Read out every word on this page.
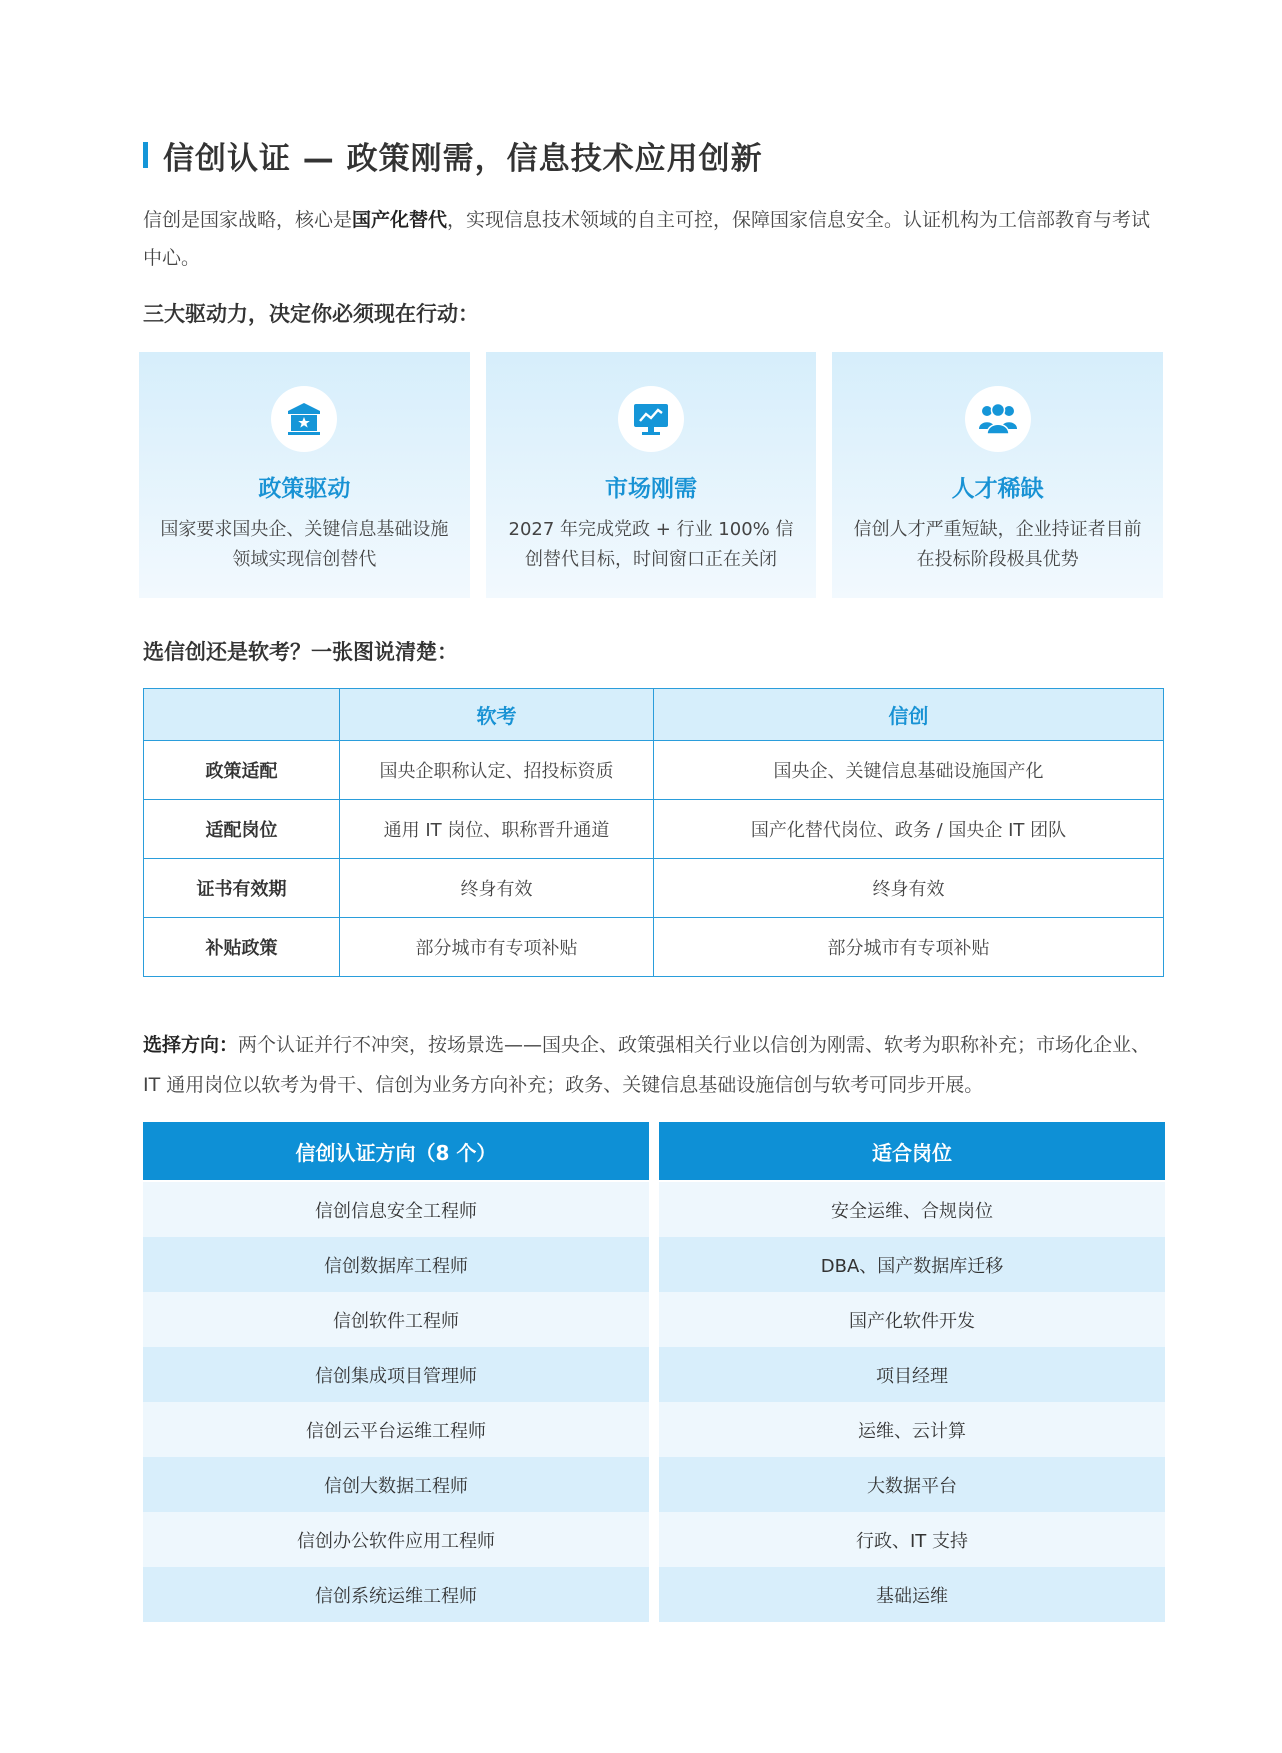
信创认证 — 政策刚需，信息技术应用创新

信创是国家战略，核心是国产化替代，实现信息技术领域的自主可控，保障国家信息安全。认证机构为工信部教育与考试中心。

三大驱动力，决定你必须现在行动：
政策驱动
国家要求国央企、关键信息基础设施领域实现信创替代
市场刚需
2027 年完成党政 + 行业 100% 信创替代目标，时间窗口正在关闭
人才稀缺
信创人才严重短缺，企业持证者目前在投标阶段极具优势
选信创还是软考？一张图说清楚：
	软考	信创
政策适配	国央企职称认定、招投标资质	国央企、关键信息基础设施国产化
适配岗位	通用 IT 岗位、职称晋升通道	国产化替代岗位、政务 / 国央企 IT 团队
证书有效期	终身有效	终身有效
补贴政策	部分城市有专项补贴	部分城市有专项补贴

选择方向：两个认证并行不冲突，按场景选——国央企、政策强相关行业以信创为刚需、软考为职称补充；市场化企业、IT 通用岗位以软考为骨干、信创为业务方向补充；政务、关键信息基础设施信创与软考可同步开展。

信创认证方向（8 个）	适合岗位
信创信息安全工程师	安全运维、合规岗位
信创数据库工程师	DBA、国产数据库迁移
信创软件工程师	国产化软件开发
信创集成项目管理师	项目经理
信创云平台运维工程师	运维、云计算
信创大数据工程师	大数据平台
信创办公软件应用工程师	行政、IT 支持
信创系统运维工程师	基础运维
